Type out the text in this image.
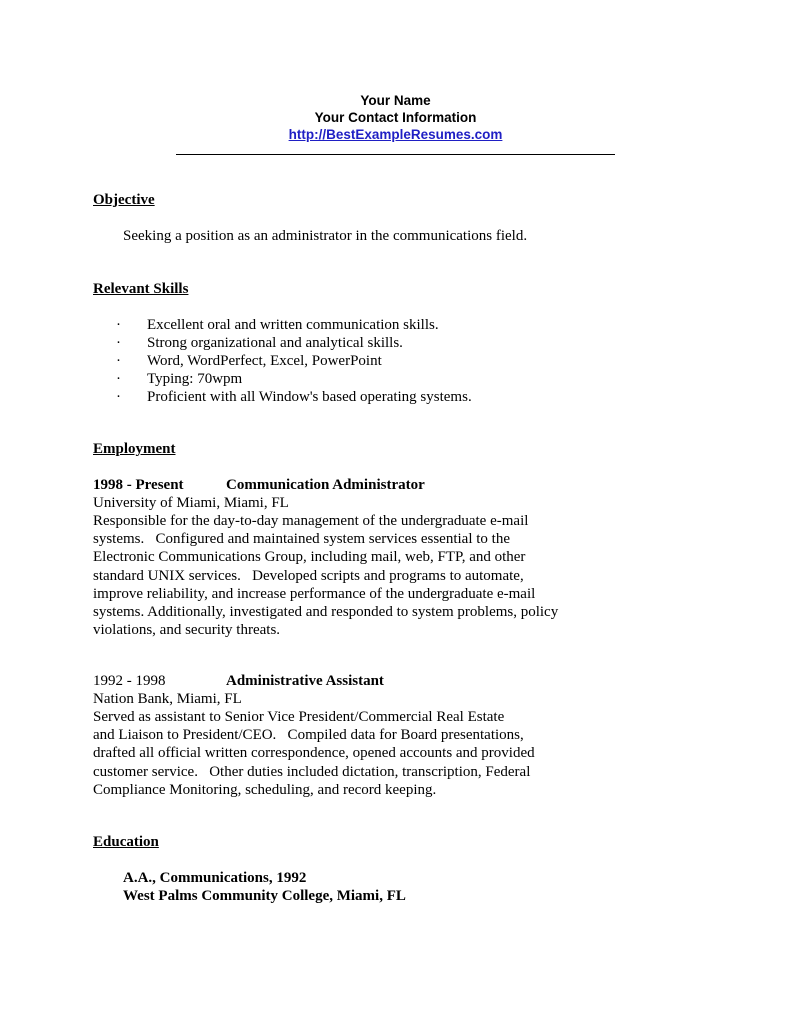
Your Name
Your Contact Information
http://BestExampleResumes.com
Objective
Seeking a position as an administrator in the communications field.
Relevant Skills
·	Excellent oral and written communication skills.
·	Strong organizational and analytical skills.
·	Word, WordPerfect, Excel, PowerPoint
·	Typing: 70wpm
·	Proficient with all Window's based operating systems.
Employment
1998 - Present	Communication Administrator
University of Miami, Miami, FL
Responsible for the day-to-day management of the undergraduate e-mail
systems.   Configured and maintained system services essential to the
Electronic Communications Group, including mail, web, FTP, and other
standard UNIX services.   Developed scripts and programs to automate,
improve reliability, and increase performance of the undergraduate e-mail
systems. Additionally, investigated and responded to system problems, policy
violations, and security threats.
1992 - 1998	Administrative Assistant
Nation Bank, Miami, FL
Served as assistant to Senior Vice President/Commercial Real Estate
and Liaison to President/CEO.   Compiled data for Board presentations,
drafted all official written correspondence, opened accounts and provided
customer service.   Other duties included dictation, transcription, Federal
Compliance Monitoring, scheduling, and record keeping.
Education
A.A., Communications, 1992
West Palms Community College, Miami, FL
